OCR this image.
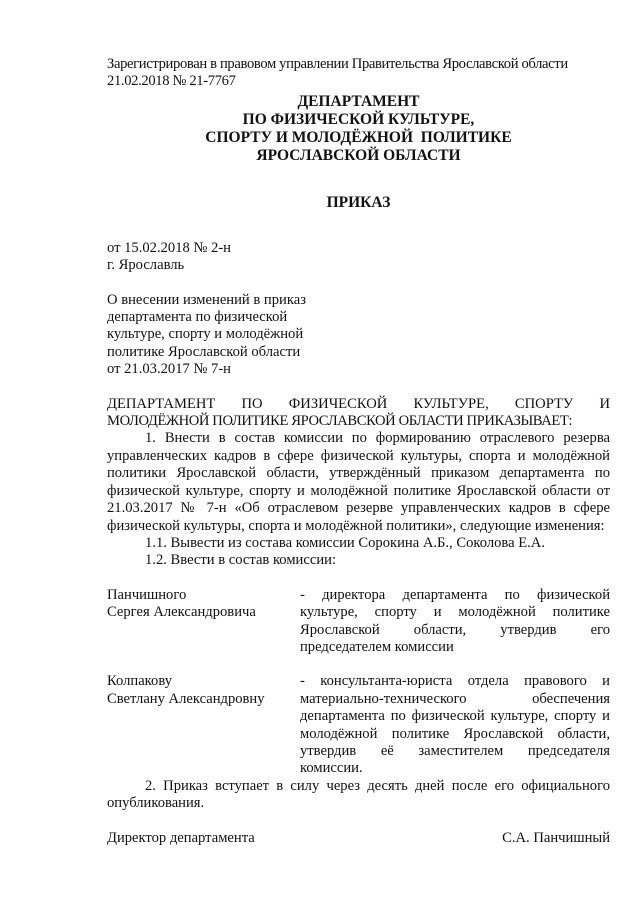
Зарегистрирован в правовом управлении Правительства Ярославской области
21.02.2018 № 21-7767
ДЕПАРТАМЕНТ
ПО ФИЗИЧЕСКОЙ КУЛЬТУРЕ,
СПОРТУ И МОЛОДЁЖНОЙ  ПОЛИТИКЕ
ЯРОСЛАВСКОЙ ОБЛАСТИ
ПРИКАЗ
от 15.02.2018 № 2-н
г. Ярославль
О внесении изменений в приказ
департамента по физической
культуре, спорту и молодёжной
политике Ярославской области
от 21.03.2017 № 7-н
ДЕПАРТАМЕНТ ПО ФИЗИЧЕСКОЙ КУЛЬТУРЕ, СПОРТУ И
МОЛОДЁЖНОЙ ПОЛИТИКЕ ЯРОСЛАВСКОЙ ОБЛАСТИ ПРИКАЗЫВАЕТ:
1. Внести в состав комиссии по формированию отраслевого резерва управленческих кадров в сфере физической культуры, спорта и молодёжной политики Ярославской области, утверждённый приказом департамента по физической культуре, спорту и молодёжной политике Ярославской области от 21.03.2017 № 7-н «Об отраслевом резерве управленческих кадров в сфере физической культуры, спорта и молодёжной политики», следующие изменения:
1.1. Вывести из состава комиссии Сорокина А.Б., Соколова Е.А.
1.2. Ввести в состав комиссии:
Панчишного
Сергея Александровича
- директора департамента по физической культуре, спорту и молодёжной политике Ярославской области, утвердив его председателем комиссии
Колпакову
Светлану Александровну
- консультанта-юриста отдела правового и материально-технического обеспечения департамента по физической культуре, спорту и молодёжной политике Ярославской области, утвердив её заместителем председателя комиссии.
2. Приказ вступает в силу через десять дней после его официального опубликования.
Директор департамента	С.А. Панчишный
